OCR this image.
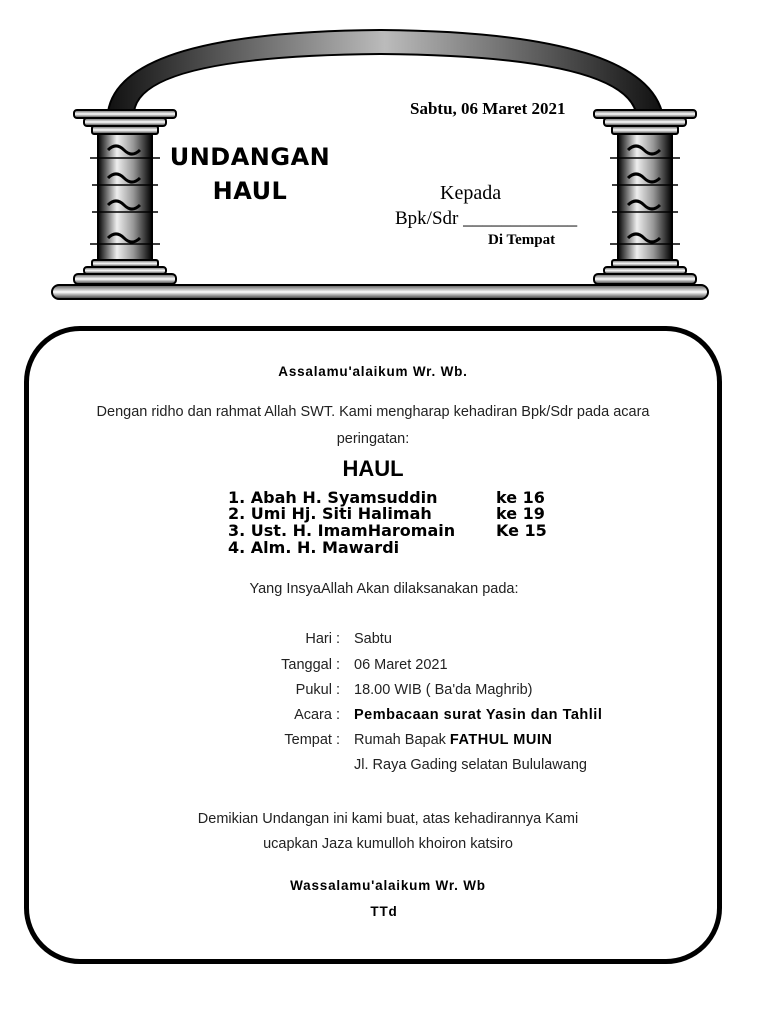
UNDANGAN
HAUL
Sabtu, 06 Maret 2021
Kepada
Bpk/Sdr ____________
Di Tempat
Assalamu'alaikum Wr. Wb.
Dengan ridho dan rahmat Allah SWT. Kami mengharap kehadiran Bpk/Sdr pada acara
peringatan:
HAUL
1. Abah H. Syamsuddin	ke 16
2. Umi Hj. Siti Halimah	ke 19
3. Ust. H. ImamHaromain	Ke 15
4. Alm. H. Mawardi
Yang InsyaAllah Akan dilaksanakan pada:
Hari : Sabtu
Tanggal : 06 Maret 2021
Pukul : 18.00 WIB ( Ba'da Maghrib)
Acara : Pembacaan surat Yasin dan Tahlil
Tempat : Rumah Bapak FATHUL MUIN
Jl. Raya Gading selatan Bululawang
Demikian Undangan ini kami buat, atas kehadirannya Kami
ucapkan Jaza kumulloh khoiron katsiro
Wassalamu'alaikum Wr. Wb
TTd
